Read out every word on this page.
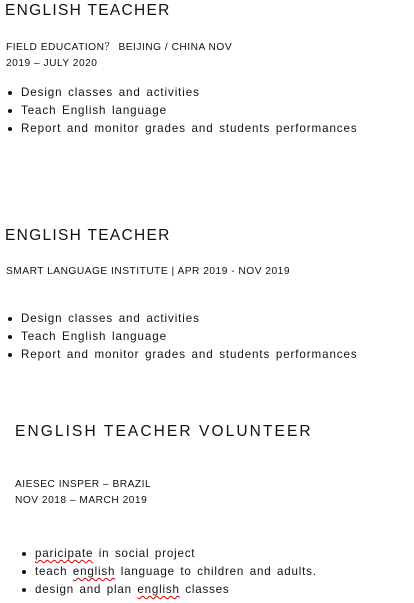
ENGLISH TEACHER
FIELD EDUCATION？ BEIJING / CHINA NOV
2019 – JULY 2020
Design classes and activities
Teach English language
Report and monitor grades and students performances
ENGLISH TEACHER
SMART LANGUAGE INSTITUTE | APR 2019 - NOV 2019
Design classes and activities
Teach English language
Report and monitor grades and students performances
ENGLISH TEACHER VOLUNTEER
AIESEC INSPER – BRAZIL
NOV 2018 – MARCH 2019
paricipate in social project
teach english language to children and adults.
design and plan english classes
